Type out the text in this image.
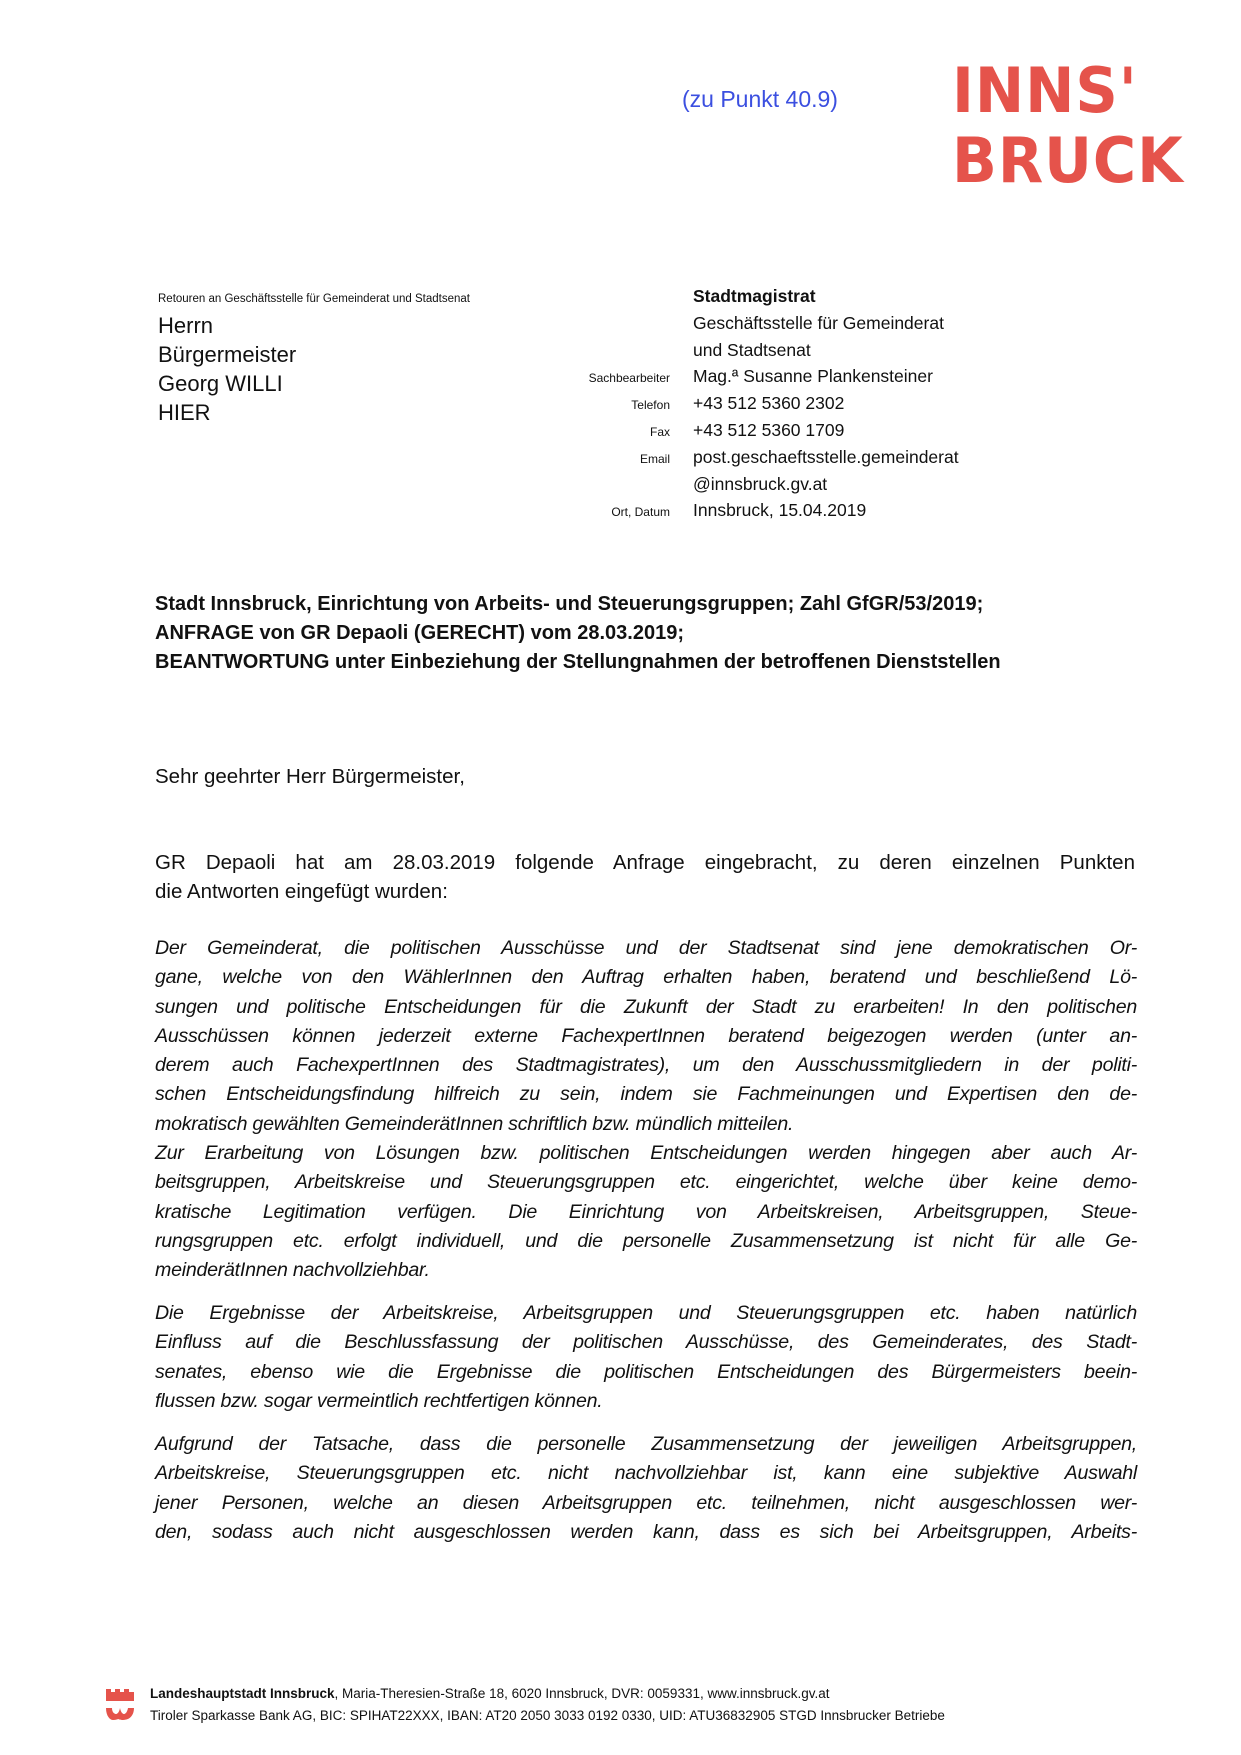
(zu Punkt 40.9) INNS'
BRUCK
Retouren an Geschäftsstelle für Gemeinderat und Stadtsenat
Herrn
Bürgermeister
Georg WILLI
HIER
Stadtmagistrat
Geschäftsstelle für Gemeinderat
und Stadtsenat
Sachbearbeiter	Mag.ª Susanne Plankensteiner
Telefon	+43 512 5360 2302
Fax	+43 512 5360 1709
Email	post.geschaeftsstelle.gemeinderat
@innsbruck.gv.at
Ort, Datum	Innsbruck, 15.04.2019
Stadt Innsbruck, Einrichtung von Arbeits- und Steuerungsgruppen; Zahl GfGR/53/2019;
ANFRAGE von GR Depaoli (GERECHT) vom 28.03.2019;
BEANTWORTUNG unter Einbeziehung der Stellungnahmen der betroffenen Dienststellen
Sehr geehrter Herr Bürgermeister,
GR Depaoli hat am 28.03.2019 folgende Anfrage eingebracht, zu deren einzelnen Punkten
die Antworten eingefügt wurden:
Der Gemeinderat, die politischen Ausschüsse und der Stadtsenat sind jene demokratischen Or-
gane, welche von den WählerInnen den Auftrag erhalten haben, beratend und beschließend Lö-
sungen und politische Entscheidungen für die Zukunft der Stadt zu erarbeiten! In den politischen
Ausschüssen können jederzeit externe FachexpertInnen beratend beigezogen werden (unter an-
derem auch FachexpertInnen des Stadtmagistrates), um den Ausschussmitgliedern in der politi-
schen Entscheidungsfindung hilfreich zu sein, indem sie Fachmeinungen und Expertisen den de-
mokratisch gewählten GemeinderätInnen schriftlich bzw. mündlich mitteilen.
Zur Erarbeitung von Lösungen bzw. politischen Entscheidungen werden hingegen aber auch Ar-
beitsgruppen, Arbeitskreise und Steuerungsgruppen etc. eingerichtet, welche über keine demo-
kratische Legitimation verfügen. Die Einrichtung von Arbeitskreisen, Arbeitsgruppen, Steue-
rungsgruppen etc. erfolgt individuell, und die personelle Zusammensetzung ist nicht für alle Ge-
meinderätInnen nachvollziehbar.
Die Ergebnisse der Arbeitskreise, Arbeitsgruppen und Steuerungsgruppen etc. haben natürlich
Einfluss auf die Beschlussfassung der politischen Ausschüsse, des Gemeinderates, des Stadt-
senates, ebenso wie die Ergebnisse die politischen Entscheidungen des Bürgermeisters beein-
flussen bzw. sogar vermeintlich rechtfertigen können.
Aufgrund der Tatsache, dass die personelle Zusammensetzung der jeweiligen Arbeitsgruppen,
Arbeitskreise, Steuerungsgruppen etc. nicht nachvollziehbar ist, kann eine subjektive Auswahl
jener Personen, welche an diesen Arbeitsgruppen etc. teilnehmen, nicht ausgeschlossen wer-
den, sodass auch nicht ausgeschlossen werden kann, dass es sich bei Arbeitsgruppen, Arbeits-
Landeshauptstadt Innsbruck, Maria-Theresien-Straße 18, 6020 Innsbruck, DVR: 0059331, www.innsbruck.gv.at
Tiroler Sparkasse Bank AG, BIC: SPIHAT22XXX, IBAN: AT20 2050 3033 0192 0330, UID: ATU36832905 STGD Innsbrucker Betriebe
